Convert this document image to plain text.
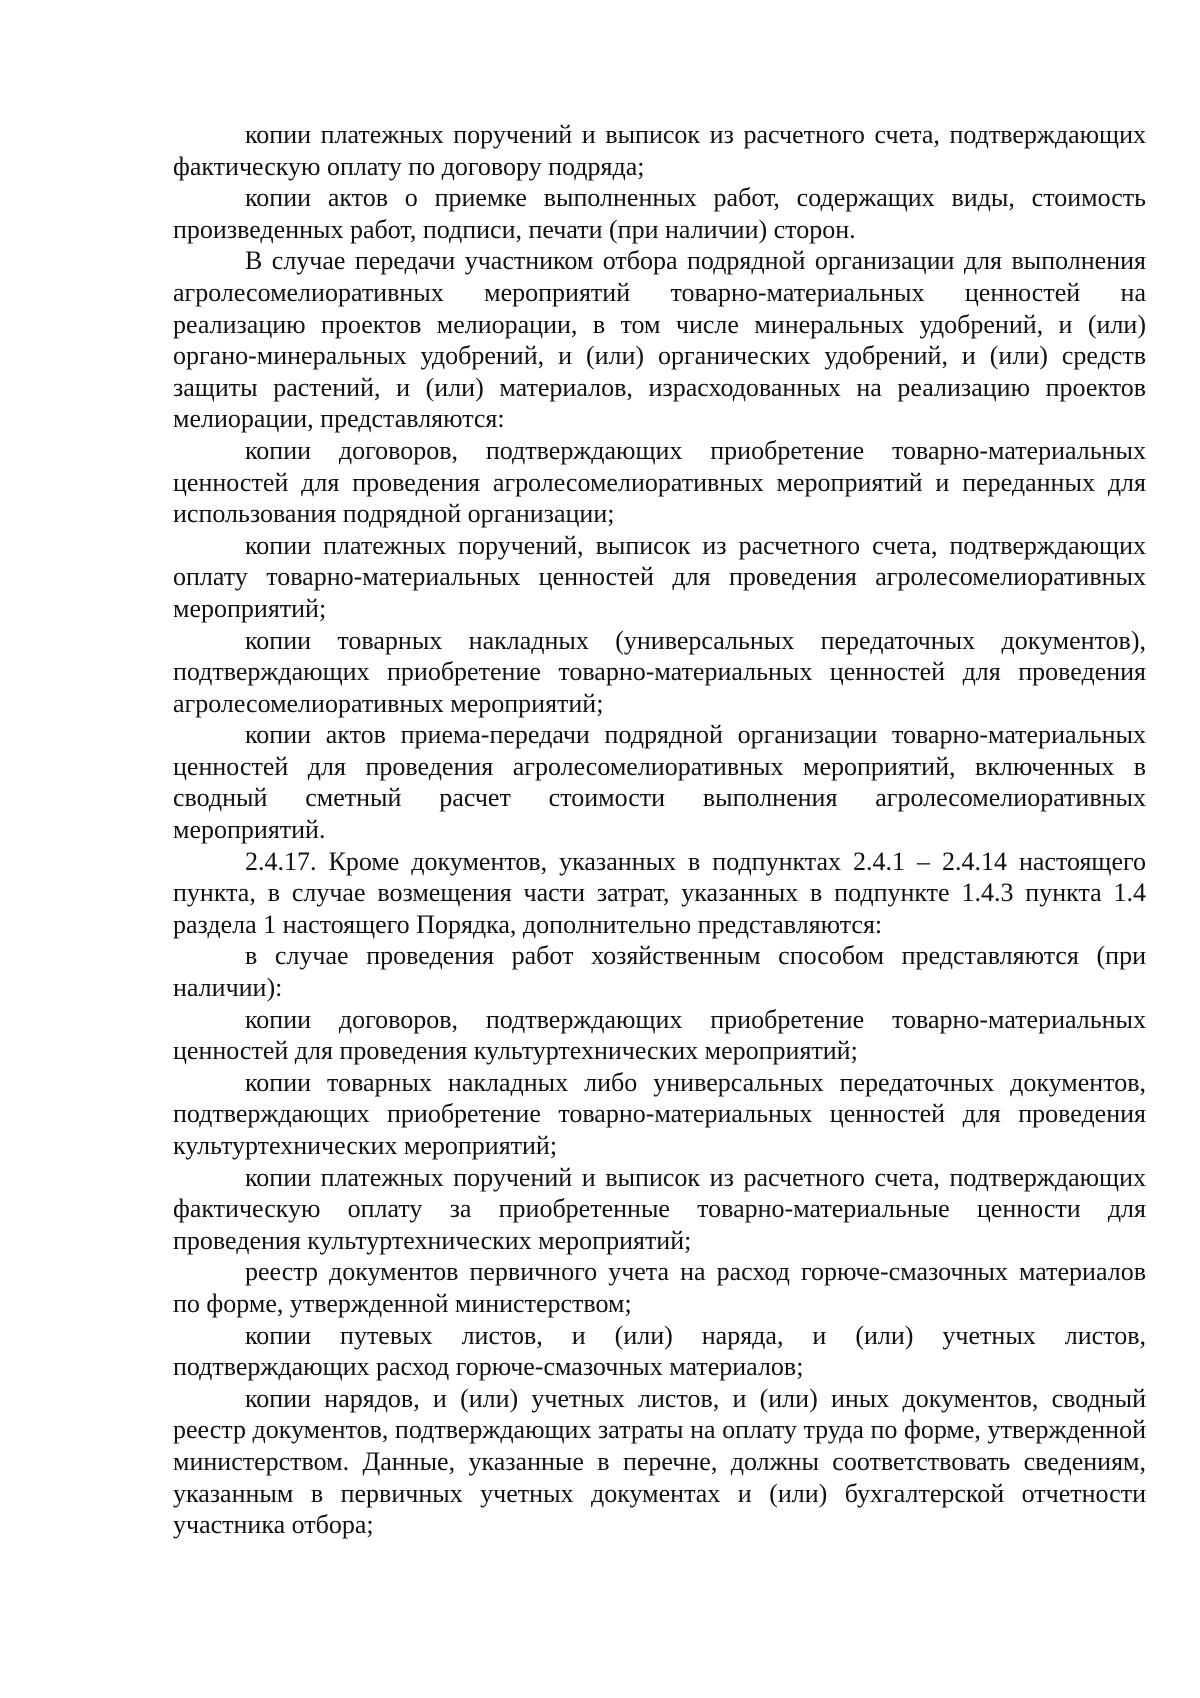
копии платежных поручений и выписок из расчетного счета, подтверждающих фактическую оплату по договору подряда;

копии актов о приемке выполненных работ, содержащих виды, стоимость произведенных работ, подписи, печати (при наличии) сторон.

В случае передачи участником отбора подрядной организации для выполнения агролесомелиоративных мероприятий товарно-материальных ценностей на реализацию проектов мелиорации, в том числе минеральных удобрений, и (или) органо-минеральных удобрений, и (или) органических удобрений, и (или) средств защиты растений, и (или) материалов, израсходованных на реализацию проектов мелиорации, представляются:

копии договоров, подтверждающих приобретение товарно-материальных ценностей для проведения агролесомелиоративных мероприятий и переданных для использования подрядной организации;

копии платежных поручений, выписок из расчетного счета, подтверждающих оплату товарно-материальных ценностей для проведения агролесомелиоративных мероприятий;

копии товарных накладных (универсальных передаточных документов), подтверждающих приобретение товарно-материальных ценностей для проведения агролесомелиоративных мероприятий;

копии актов приема-передачи подрядной организации товарно-материальных ценностей для проведения агролесомелиоративных мероприятий, включенных в сводный сметный расчет стоимости выполнения агролесомелиоративных мероприятий.

2.4.17. Кроме документов, указанных в подпунктах 2.4.1 – 2.4.14 настоящего пункта, в случае возмещения части затрат, указанных в подпункте 1.4.3 пункта 1.4 раздела 1 настоящего Порядка, дополнительно представляются:

в случае проведения работ хозяйственным способом представляются (при наличии):

копии договоров, подтверждающих приобретение товарно-материальных ценностей для проведения культуртехнических мероприятий;

копии товарных накладных либо универсальных передаточных документов, подтверждающих приобретение товарно-материальных ценностей для проведения культуртехнических мероприятий;

копии платежных поручений и выписок из расчетного счета, подтверждающих фактическую оплату за приобретенные товарно-материальные ценности для проведения культуртехнических мероприятий;

реестр документов первичного учета на расход горюче-смазочных материалов по форме, утвержденной министерством;

копии путевых листов, и (или) наряда, и (или) учетных листов, подтверждающих расход горюче-смазочных материалов;

копии нарядов, и (или) учетных листов, и (или) иных документов, сводный реестр документов, подтверждающих затраты на оплату труда по форме, утвержденной министерством. Данные, указанные в перечне, должны соответствовать сведениям, указанным в первичных учетных документах и (или) бухгалтерской отчетности участника отбора;
